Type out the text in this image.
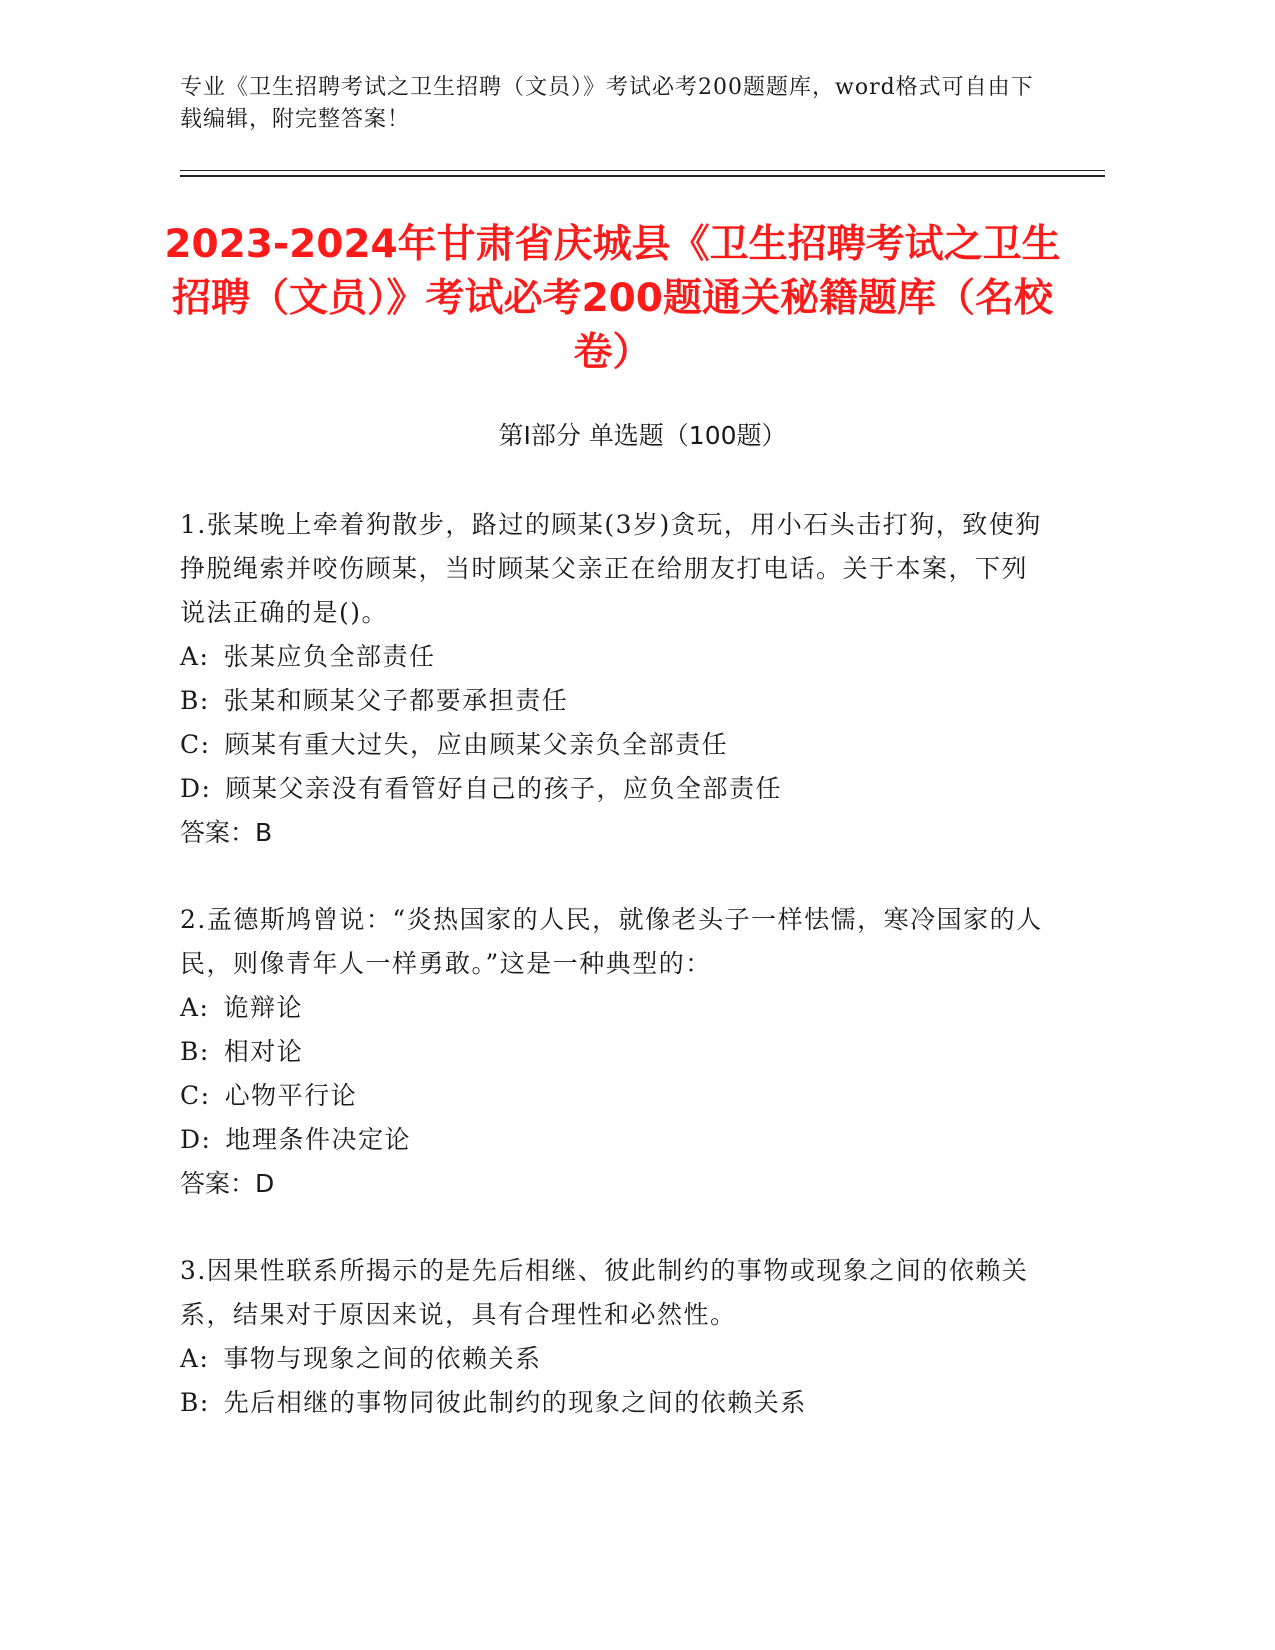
专业《卫生招聘考试之卫生招聘（文员）》考试必考200题题库，word格式可自由下载编辑，附完整答案！
2023-2024年甘肃省庆城县《卫生招聘考试之卫生招聘（文员）》考试必考200题通关秘籍题库（名校卷）
第Ⅰ部分 单选题（100题）

1.张某晚上牵着狗散步，路过的顾某(3岁)贪玩，用小石头击打狗，致使狗挣脱绳索并咬伤顾某，当时顾某父亲正在给朋友打电话。关于本案，下列说法正确的是()。

A: 张某应负全部责任
B: 张某和顾某父子都要承担责任
C: 顾某有重大过失，应由顾某父亲负全部责任
D: 顾某父亲没有看管好自己的孩子，应负全部责任
答案：B

2.孟德斯鸠曾说：“炎热国家的人民，就像老头子一样怯懦，寒冷国家的人民，则像青年人一样勇敢。”这是一种典型的：

A: 诡辩论
B: 相对论
C: 心物平行论
D: 地理条件决定论
答案：D

3.因果性联系所揭示的是先后相继、彼此制约的事物或现象之间的依赖关系，结果对于原因来说，具有合理性和必然性。

A: 事物与现象之间的依赖关系
B: 先后相继的事物同彼此制约的现象之间的依赖关系
